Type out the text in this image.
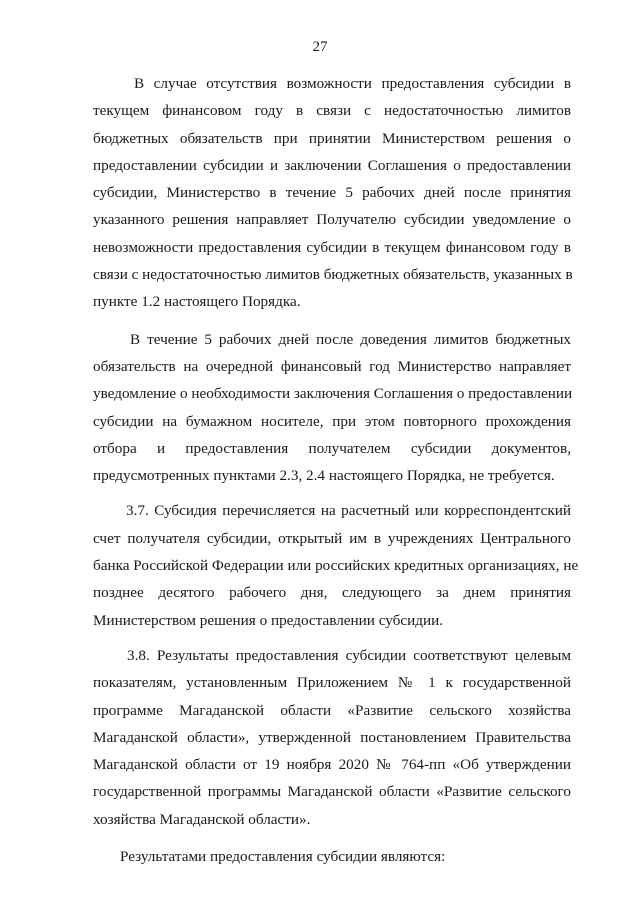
27
В случае отсутствия возможности предоставления субсидии в
текущем финансовом году в связи с недостаточностью лимитов
бюджетных обязательств при принятии Министерством решения о
предоставлении субсидии и заключении Соглашения о предоставлении
субсидии, Министерство в течение 5 рабочих дней после принятия
указанного решения направляет Получателю субсидии уведомление о
невозможности предоставления субсидии в текущем финансовом году в
связи с недостаточностью лимитов бюджетных обязательств, указанных в
пункте 1.2 настоящего Порядка.
В течение 5 рабочих дней после доведения лимитов бюджетных
обязательств на очередной финансовый год Министерство направляет
уведомление о необходимости заключения Соглашения о предоставлении
субсидии на бумажном носителе, при этом повторного прохождения
отбора и предоставления получателем субсидии документов,
предусмотренных пунктами 2.3, 2.4 настоящего Порядка, не требуется.
3.7. Субсидия перечисляется на расчетный или корреспондентский
счет получателя субсидии, открытый им в учреждениях Центрального
банка Российской Федерации или российских кредитных организациях, не
позднее десятого рабочего дня, следующего за днем принятия
Министерством решения о предоставлении субсидии.
3.8. Результаты предоставления субсидии соответствуют целевым
показателям, установленным Приложением № 1 к государственной
программе Магаданской области «Развитие сельского хозяйства
Магаданской области», утвержденной постановлением Правительства
Магаданской области от 19 ноября 2020 № 764-пп «Об утверждении
государственной программы Магаданской области «Развитие сельского
хозяйства Магаданской области».
Результатами предоставления субсидии являются:
